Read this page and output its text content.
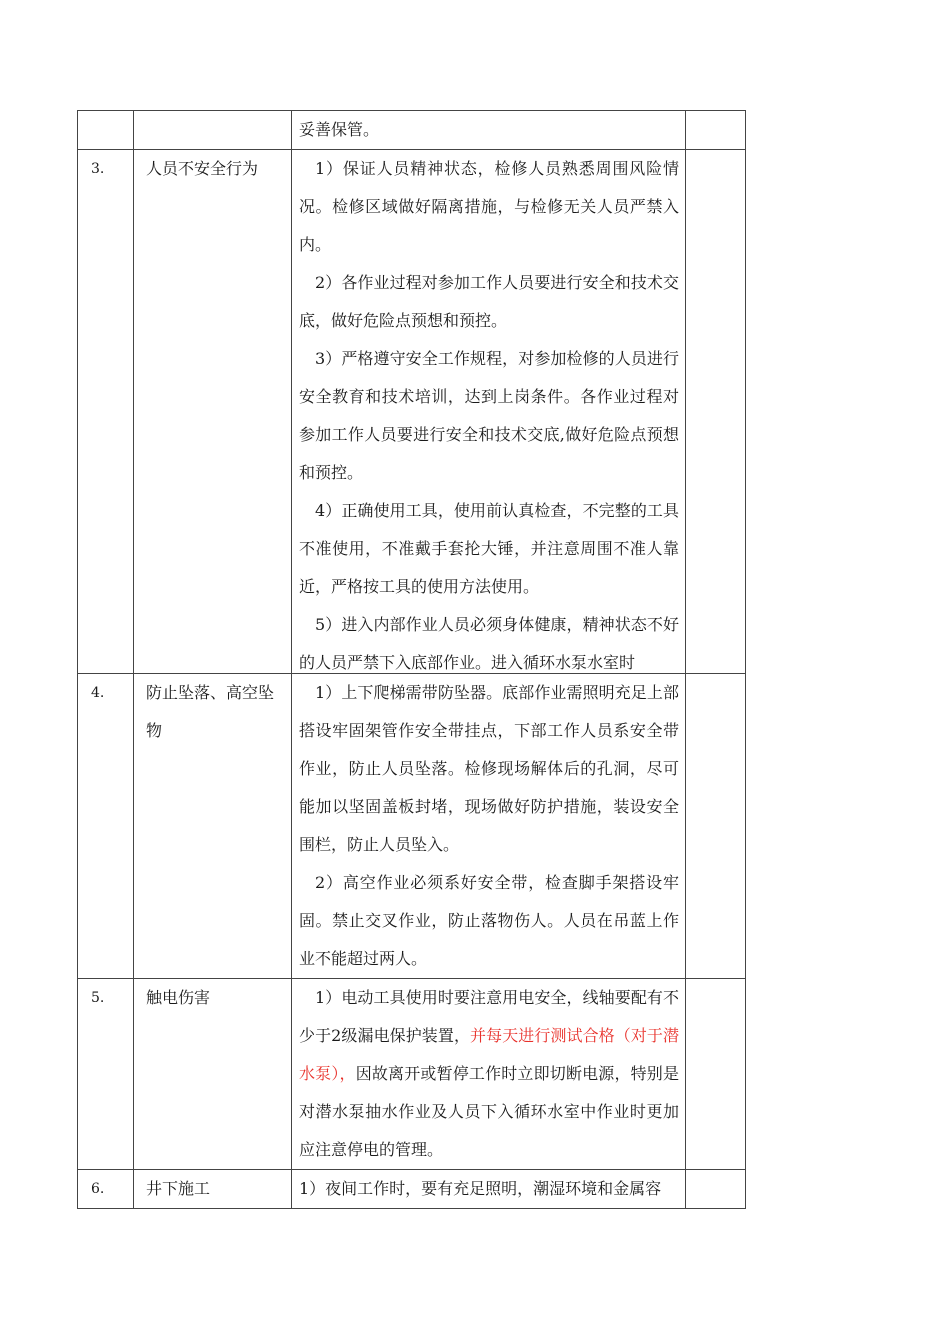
		妥善保管。	

3.	人员不安全行为	1）保证人员精神状态，检修人员熟悉周围风险情况。检修区域做好隔离措施，与检修无关人员严禁入内。

2）各作业过程对参加工作人员要进行安全和技术交底，做好危险点预想和预控。

3）严格遵守安全工作规程，对参加检修的人员进行安全教育和技术培训，达到上岗条件。各作业过程对参加工作人员要进行安全和技术交底,做好危险点预想和预控。

4）正确使用工具，使用前认真检查，不完整的工具不准使用，不准戴手套抡大锤，并注意周围不准人靠近，严格按工具的使用方法使用。

5）进入内部作业人员必须身体健康，精神状态不好的人员严禁下入底部作业。进入循环水泵水室时	

4.	防止坠落、高空坠物	1）上下爬梯需带防坠器。底部作业需照明充足上部搭设牢固架管作安全带挂点，下部工作人员系安全带作业，防止人员坠落。检修现场解体后的孔洞，尽可能加以坚固盖板封堵，现场做好防护措施，装设安全围栏，防止人员坠入。

2）高空作业必须系好安全带，检查脚手架搭设牢固。禁止交叉作业，防止落物伤人。人员在吊蓝上作业不能超过两人。	

5.	触电伤害	1）电动工具使用时要注意用电安全，线轴要配有不少于2级漏电保护装置，并每天进行测试合格（对于潜水泵），因故离开或暂停工作时立即切断电源，特别是对潜水泵抽水作业及人员下入循环水室中作业时更加应注意停电的管理。	

6.	井下施工	1）夜间工作时，要有充足照明，潮湿环境和金属容	
